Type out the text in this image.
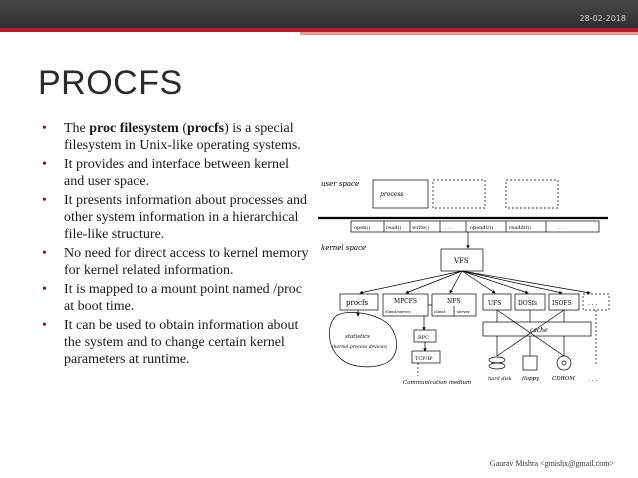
28-02-2018
PROCFS
• The proc filesystem (procfs) is a special filesystem in Unix-like operating systems.
• It provides and interface between kernel and user space.
• It presents information about processes and other system information in a hierarchical file-like structure.
• No need for direct access to kernel memory for kernel related information.
• It is mapped to a mount point named /proc at boot time.
• It can be used to obtain information about the system and to change certain kernel parameters at runtime.
user space
process
open()	read() write()	. . .	opendir()	readdir()	. . .
kernel space
VFS
procfs	MPCFS
client/server
NFS
client	server
UFS	DOSfs ISOFS	. . .
cache
statistics
(kernel,process,devices)
RPC
TCP/IP
Communication medium
hard disk floppy CDROM . . .
Gaurav Mishra <gmishx@gmail.com>
